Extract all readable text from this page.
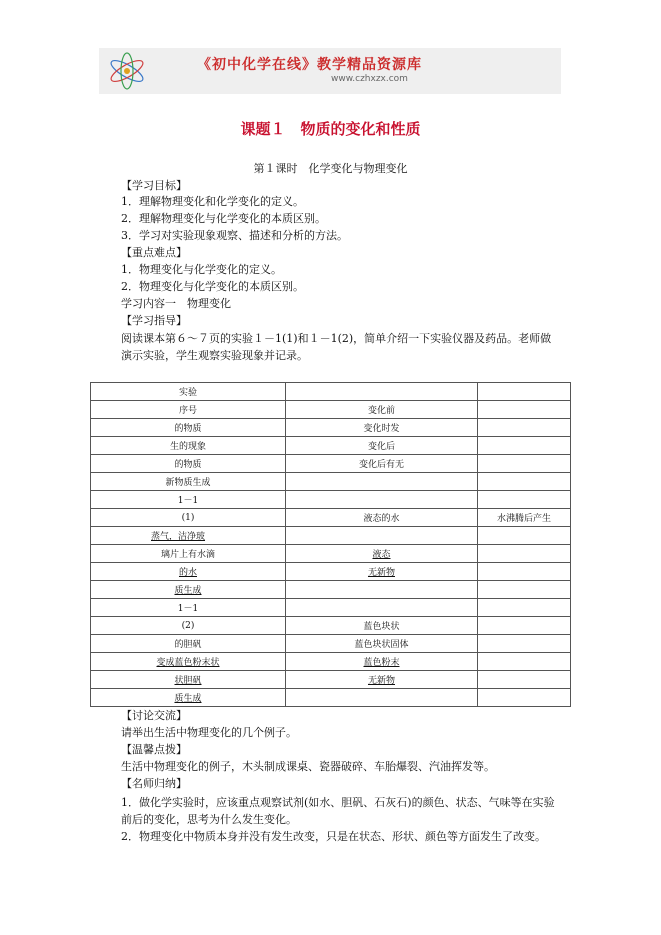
《初中化学在线》教学精品资源库
www.czhxzx.com
课题１　物质的变化和性质
第１课时　化学变化与物理变化
【学习目标】
1．理解物理变化和化学变化的定义。
2．理解物理变化与化学变化的本质区别。
3．学习对实验现象观察、描述和分析的方法。
【重点难点】
1．物理变化与化学变化的定义。
2．物理变化与化学变化的本质区别。
学习内容一　物理变化
【学习指导】
阅读课本第６～７页的实验１－1(1)和１－1(2)，简单介绍一下实验仪器及药品。老师做演示实验，学生观察实验现象并记录。
实验		
序号	变化前	
的物质	变化时发	
生的现象	变化后	
的物质	变化后有无	
新物质生成		
1－1		
(1)	液态的水	水沸腾后产生
蒸气，洁净玻		
璃片上有水滴	液态	
的水	无新物	
质生成		
1－1		
(2)	蓝色块状	
的胆矾	蓝色块状固体	
变成蓝色粉末状	蓝色粉末	
状胆矾	无新物	
质生成		
【讨论交流】
请举出生活中物理变化的几个例子。
【温馨点拨】
生活中物理变化的例子，木头制成课桌、瓷器破碎、车胎爆裂、汽油挥发等。
【名师归纳】
1．做化学实验时，应该重点观察试剂(如水、胆矾、石灰石)的颜色、状态、气味等在实验前后的变化，思考为什么发生变化。
2．物理变化中物质本身并没有发生改变，只是在状态、形状、颜色等方面发生了改变。
